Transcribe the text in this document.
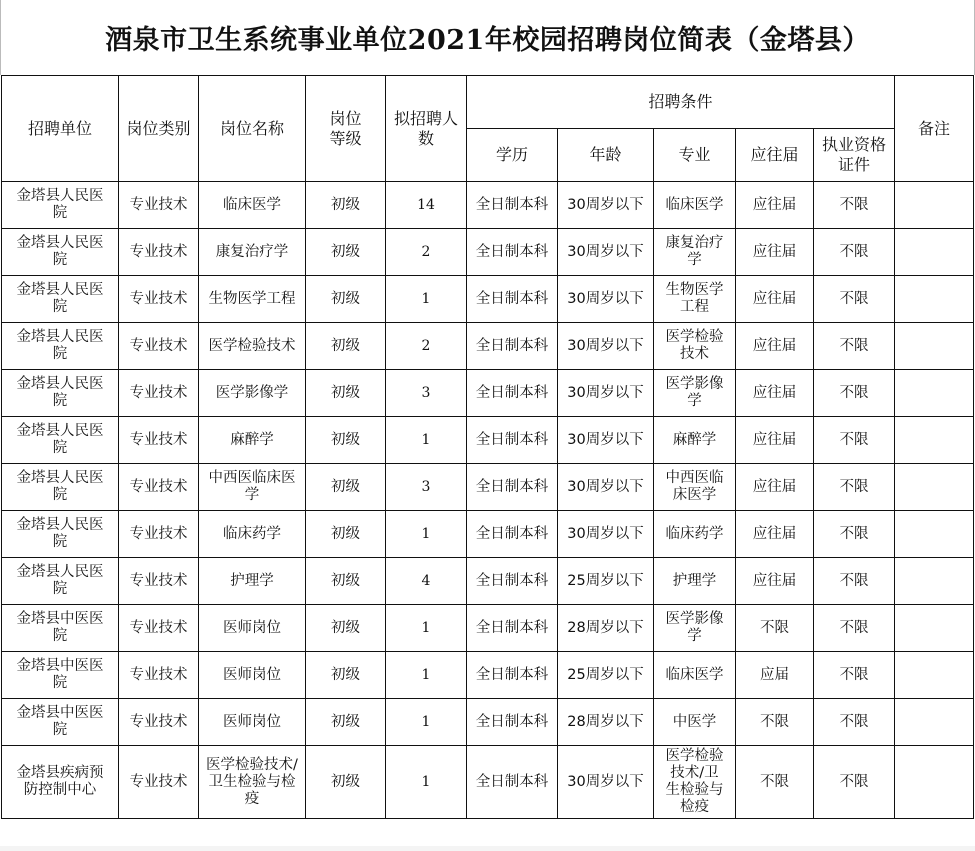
酒泉市卫生系统事业单位2021年校园招聘岗位简表（金塔县）
招聘单位	岗位类别	岗位名称	岗位等级	拟招聘人数	招聘条件					备注
					学历	年龄	专业	应往届	执业资格证件	
金塔县人民医院	专业技术	临床医学	初级	14	全日制本科	30周岁以下	临床医学	应往届	不限	
金塔县人民医院	专业技术	康复治疗学	初级	2	全日制本科	30周岁以下	康复治疗学	应往届	不限	
金塔县人民医院	专业技术	生物医学工程	初级	1	全日制本科	30周岁以下	生物医学工程	应往届	不限	
金塔县人民医院	专业技术	医学检验技术	初级	2	全日制本科	30周岁以下	医学检验技术	应往届	不限	
金塔县人民医院	专业技术	医学影像学	初级	3	全日制本科	30周岁以下	医学影像学	应往届	不限	
金塔县人民医院	专业技术	麻醉学	初级	1	全日制本科	30周岁以下	麻醉学	应往届	不限	
金塔县人民医院	专业技术	中西医临床医学	初级	3	全日制本科	30周岁以下	中西医临床医学	应往届	不限	
金塔县人民医院	专业技术	临床药学	初级	1	全日制本科	30周岁以下	临床药学	应往届	不限	
金塔县人民医院	专业技术	护理学	初级	4	全日制本科	25周岁以下	护理学	应往届	不限	
金塔县中医医院	专业技术	医师岗位	初级	1	全日制本科	28周岁以下	医学影像学	不限	不限	
金塔县中医医院	专业技术	医师岗位	初级	1	全日制本科	25周岁以下	临床医学	应届	不限	
金塔县中医医院	专业技术	医师岗位	初级	1	全日制本科	28周岁以下	中医学	不限	不限	
金塔县疾病预防控制中心	专业技术	医学检验技术/卫生检验与检疫	初级	1	全日制本科	30周岁以下	医学检验技术/卫生检验与检疫	不限	不限	
